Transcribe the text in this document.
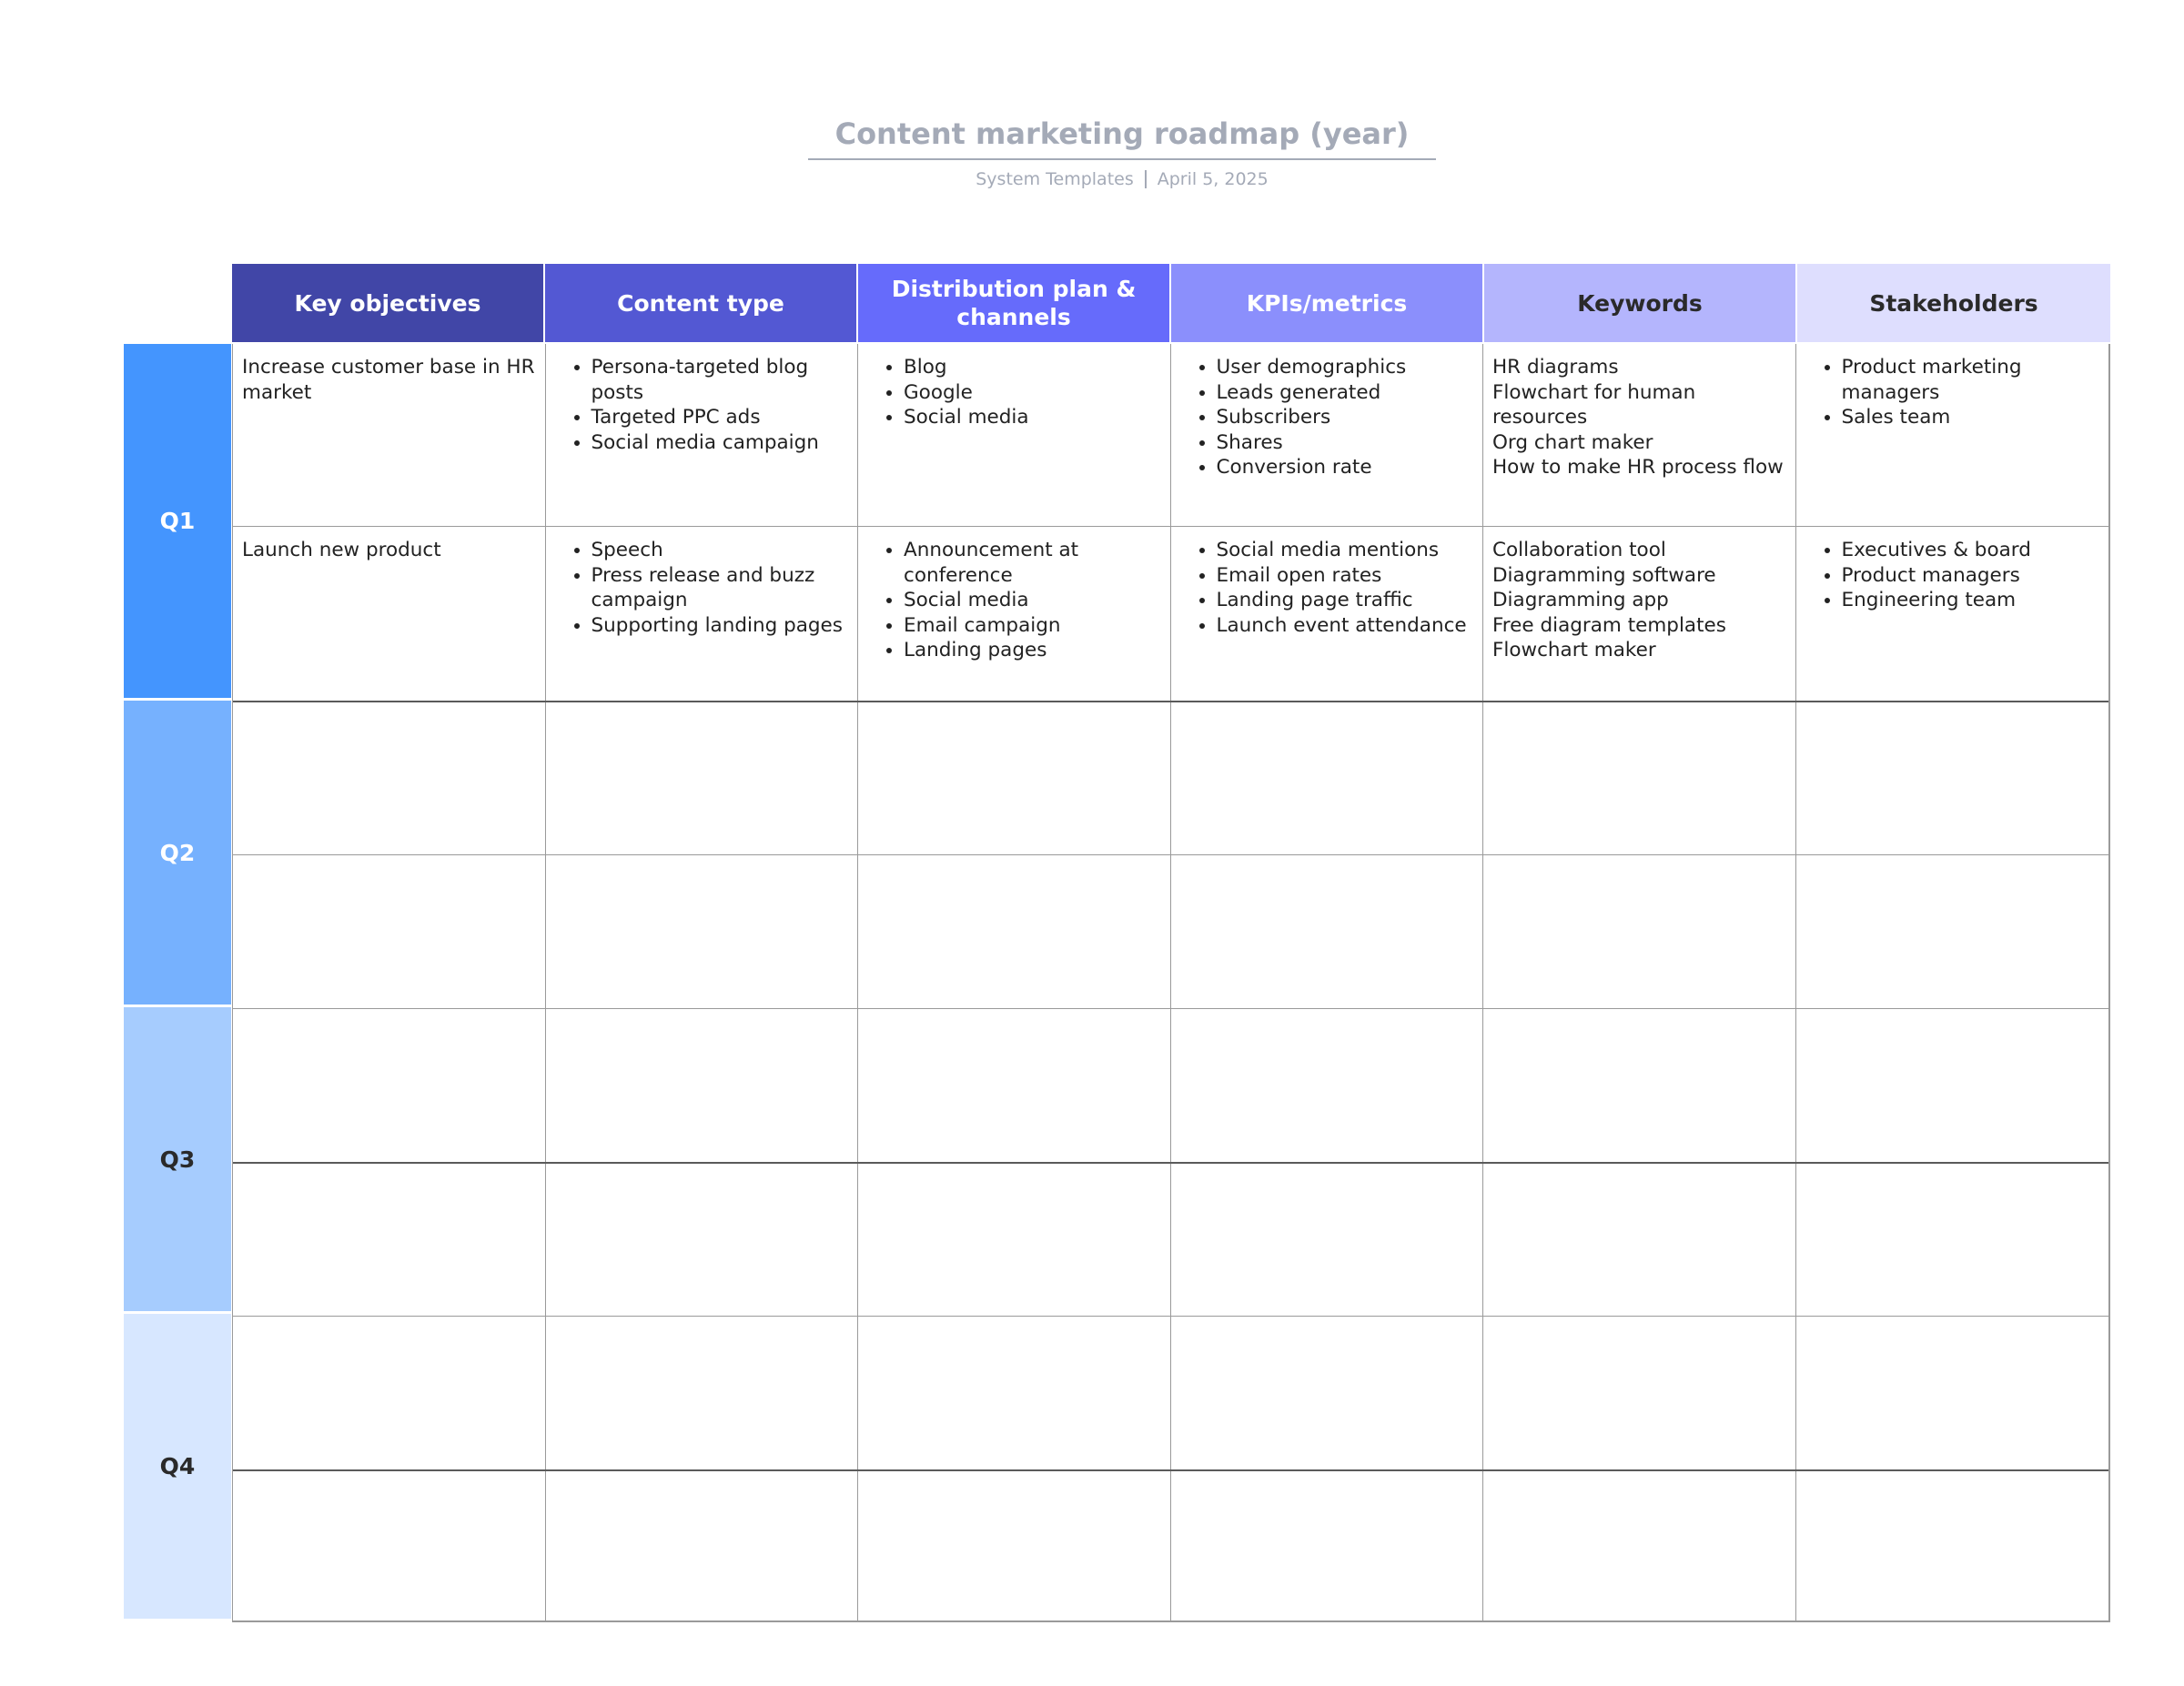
Content marketing roadmap (year)
System Templates April 5, 2025
Key objectives	Content type
Distribution plan & channels
KPIs/metrics	Keywords	Stakeholders
Q1
Q2
Q3
Q4
Increase customer base in HR market
• Persona-targeted blog posts
• Targeted PPC ads
• Social media campaign
• Blog
• Google
• Social media
• User demographics
• Leads generated
• Subscribers
• Shares
• Conversion rate
HR diagrams
Flowchart for human resources
Org chart maker
How to make HR process flow
• Product marketing managers
• Sales team
Launch new product
•	Speech
• Press release and buzz campaign
• Supporting landing pages
• Announcement at conference
• Social media
• Email campaign
• Landing pages
• Social media mentions
• Email open rates
• Landing page traffic
• Launch event attendance
Collaboration tool
Diagramming software
Diagramming app
Free diagram templates
Flowchart maker
• Executives & board
• Product managers
• Engineering team
